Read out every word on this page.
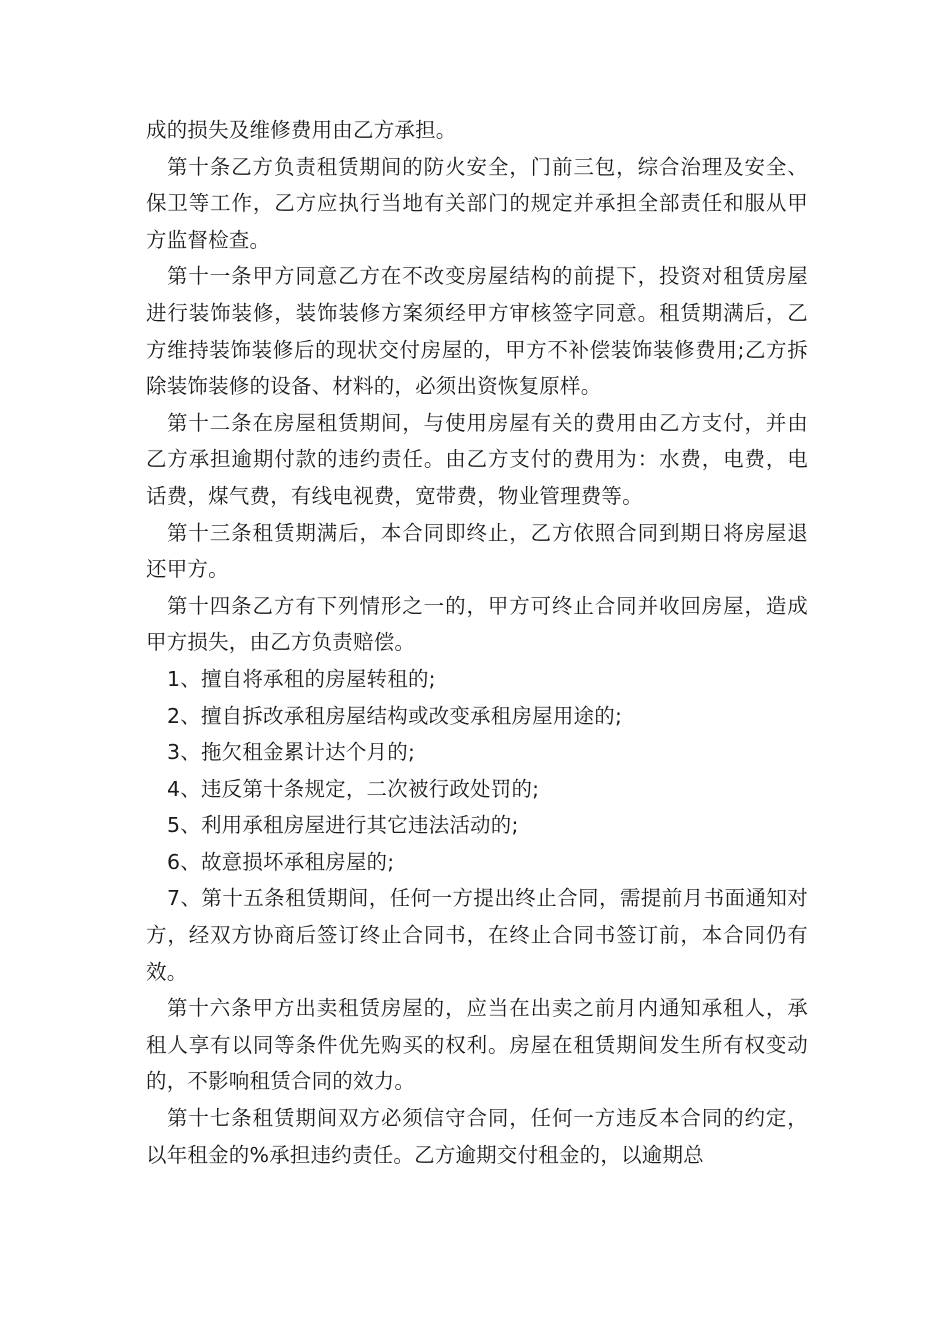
成的损失及维修费用由乙方承担。

第十条乙方负责租赁期间的防火安全，门前三包，综合治理及安全、保卫等工作，乙方应执行当地有关部门的规定并承担全部责任和服从甲方监督检查。

第十一条甲方同意乙方在不改变房屋结构的前提下，投资对租赁房屋进行装饰装修，装饰装修方案须经甲方审核签字同意。租赁期满后，乙方维持装饰装修后的现状交付房屋的，甲方不补偿装饰装修费用;乙方拆除装饰装修的设备、材料的，必须出资恢复原样。

第十二条在房屋租赁期间，与使用房屋有关的费用由乙方支付，并由乙方承担逾期付款的违约责任。由乙方支付的费用为：水费，电费，电话费，煤气费，有线电视费，宽带费，物业管理费等。

第十三条租赁期满后，本合同即终止，乙方依照合同到期日将房屋退还甲方。

第十四条乙方有下列情形之一的，甲方可终止合同并收回房屋，造成甲方损失，由乙方负责赔偿。

1、擅自将承租的房屋转租的;

2、擅自拆改承租房屋结构或改变承租房屋用途的;

3、拖欠租金累计达个月的;

4、违反第十条规定，二次被行政处罚的;

5、利用承租房屋进行其它违法活动的;

6、故意损坏承租房屋的;

7、第十五条租赁期间，任何一方提出终止合同，需提前月书面通知对方，经双方协商后签订终止合同书，在终止合同书签订前，本合同仍有效。

第十六条甲方出卖租赁房屋的，应当在出卖之前月内通知承租人，承租人享有以同等条件优先购买的权利。房屋在租赁期间发生所有权变动的，不影响租赁合同的效力。

第十七条租赁期间双方必须信守合同，任何一方违反本合同的约定，以年租金的%承担违约责任。乙方逾期交付租金的，以逾期总
